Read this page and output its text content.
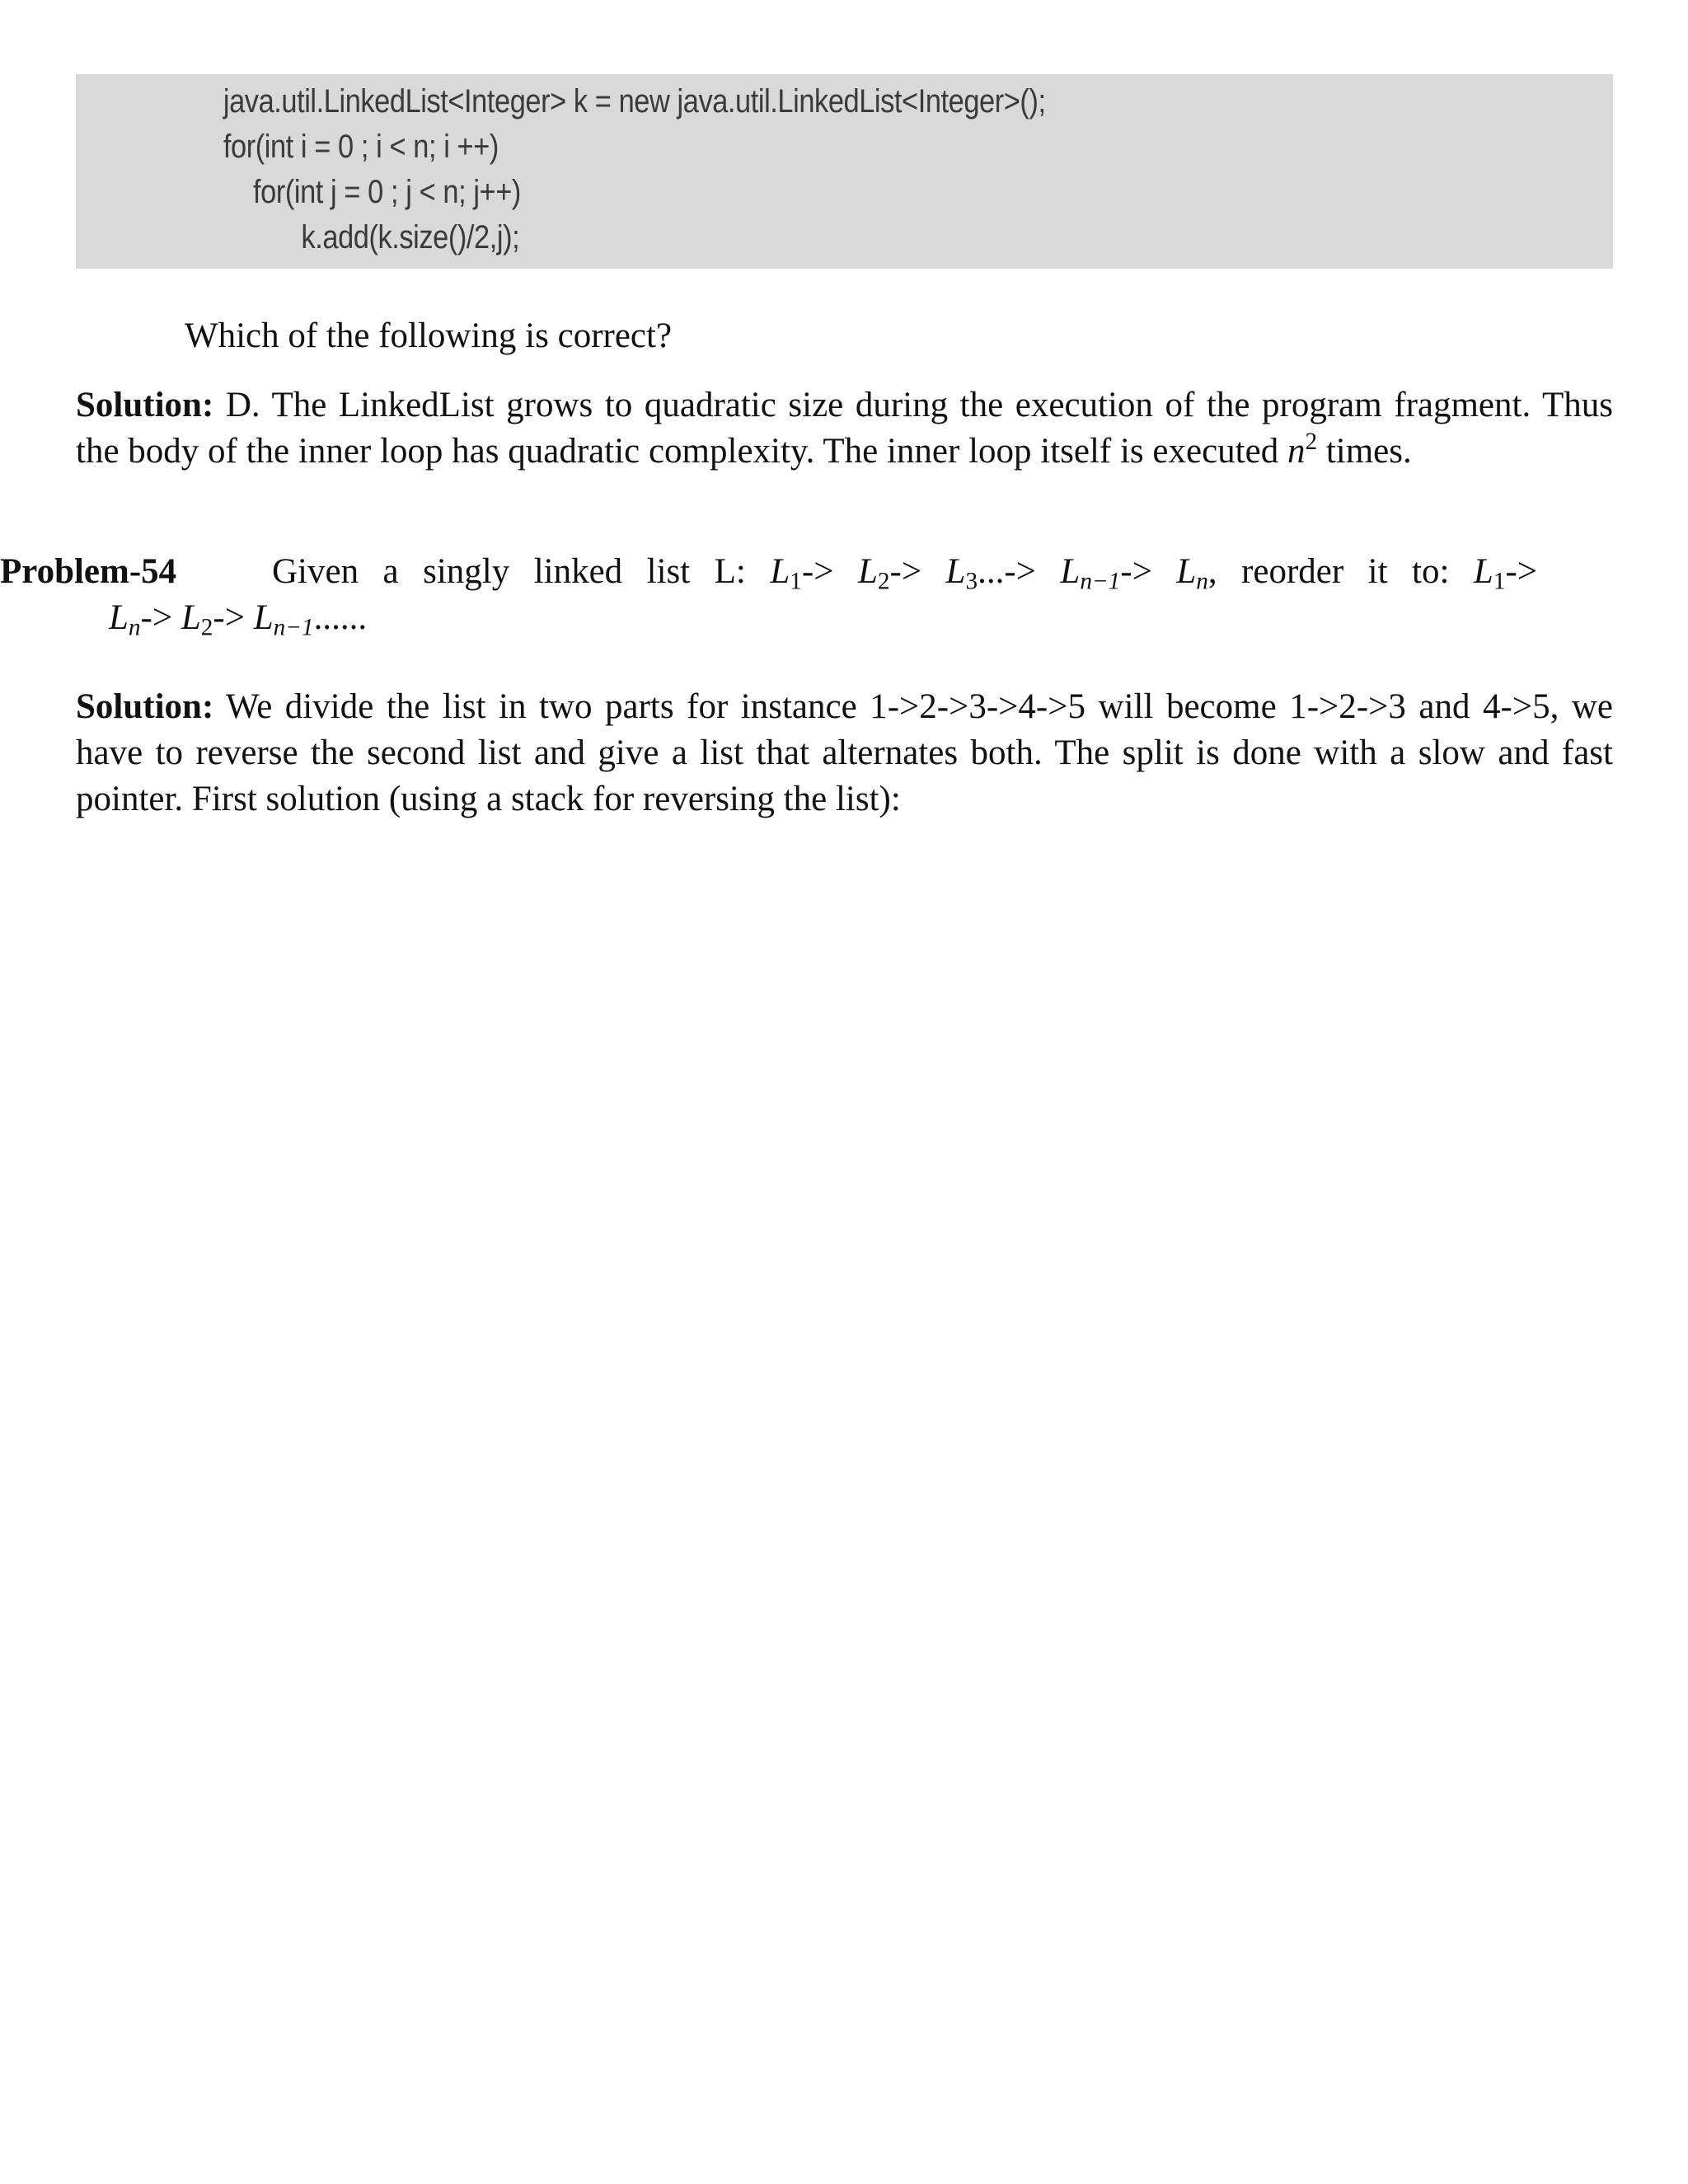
java.util.LinkedList<Integer> k = new java.util.LinkedList<Integer>();
for(int i = 0 ; i < n; i ++)
for(int j = 0 ; j < n; j++)
k.add(k.size()/2,j);

Which of the following is correct?

Solution: D. The LinkedList grows to quadratic size during the execution of the program fragment. Thus the body of the inner loop has quadratic complexity. The inner loop itself is executed $n^2$ times.

Problem-54	Given a singly linked list L: $L_1-> L_2-> L_3...-> L_{n-1}-> L_n$, reorder it to: $L_1->$
$L_n-> L_2-> L_{n-1}$......

Solution: We divide the list in two parts for instance 1->2->3->4->5 will become 1->2->3 and 4->5, we have to reverse the second list and give a list that alternates both. The split is done with a slow and fast pointer. First solution (using a stack for reversing the list):
